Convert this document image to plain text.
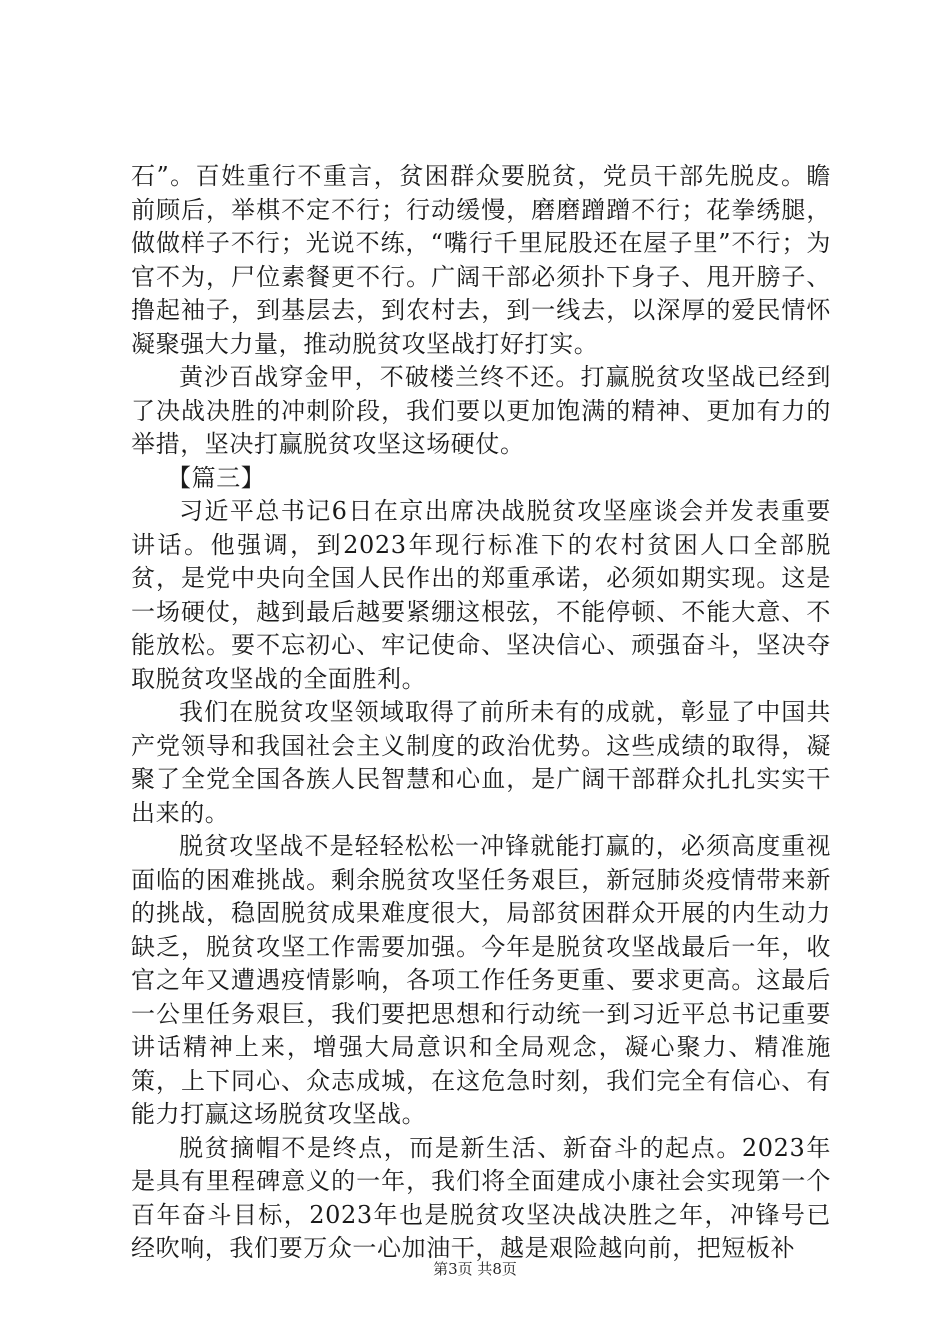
石”。百姓重行不重言，贫困群众要脱贫，党员干部先脱皮。瞻前顾后，举棋不定不行；行动缓慢，磨磨蹭蹭不行；花拳绣腿，做做样子不行；光说不练，“嘴行千里屁股还在屋子里”不行；为官不为，尸位素餐更不行。广阔干部必须扑下身子、甩开膀子、撸起袖子，到基层去，到农村去，到一线去，以深厚的爱民情怀凝聚强大力量，推动脱贫攻坚战打好打实。

黄沙百战穿金甲，不破楼兰终不还。打赢脱贫攻坚战已经到了决战决胜的冲刺阶段，我们要以更加饱满的精神、更加有力的举措，坚决打赢脱贫攻坚这场硬仗。

【篇三】

习近平总书记6日在京出席决战脱贫攻坚座谈会并发表重要讲话。他强调，到2023年现行标准下的农村贫困人口全部脱贫，是党中央向全国人民作出的郑重承诺，必须如期实现。这是一场硬仗，越到最后越要紧绷这根弦，不能停顿、不能大意、不能放松。要不忘初心、牢记使命、坚决信心、顽强奋斗，坚决夺取脱贫攻坚战的全面胜利。

我们在脱贫攻坚领域取得了前所未有的成就，彰显了中国共产党领导和我国社会主义制度的政治优势。这些成绩的取得，凝聚了全党全国各族人民智慧和心血，是广阔干部群众扎扎实实干出来的。

脱贫攻坚战不是轻轻松松一冲锋就能打赢的，必须高度重视面临的困难挑战。剩余脱贫攻坚任务艰巨，新冠肺炎疫情带来新的挑战，稳固脱贫成果难度很大，局部贫困群众开展的内生动力缺乏，脱贫攻坚工作需要加强。今年是脱贫攻坚战最后一年，收官之年又遭遇疫情影响，各项工作任务更重、要求更高。这最后一公里任务艰巨，我们要把思想和行动统一到习近平总书记重要讲话精神上来，增强大局意识和全局观念，凝心聚力、精准施策，上下同心、众志成城，在这危急时刻，我们完全有信心、有能力打赢这场脱贫攻坚战。

脱贫摘帽不是终点，而是新生活、新奋斗的起点。2023年是具有里程碑意义的一年，我们将全面建成小康社会实现第一个百年奋斗目标，2023年也是脱贫攻坚决战决胜之年，冲锋号已经吹响，我们要万众一心加油干，越是艰险越向前，把短板补

第3页 共8页
